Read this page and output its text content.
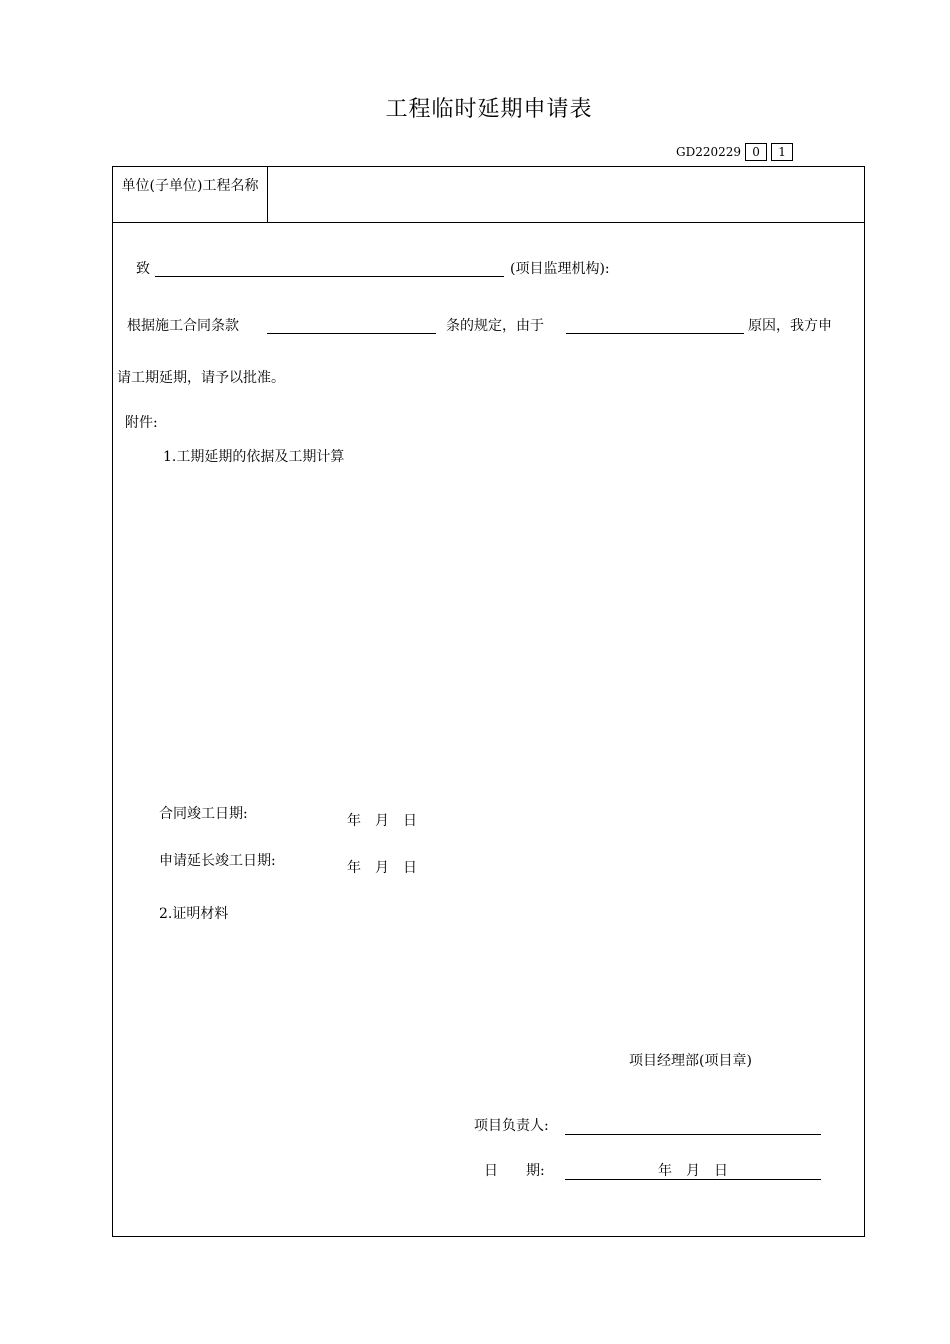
工程临时延期申请表
GD220229 0	1
单位(子单位)工程名称
致	(项目监理机构):
根据施工合同条款	条的规定，由于	原因，我方申
请工期延期，请予以批准。
附件:
1.工期延期的依据及工期计算
合同竣工日期:	年　月　日
申请延长竣工日期:	年　月　日
2.证明材料
项目经理部(项目章)
项目负责人:
日　　期:	年　月　日
